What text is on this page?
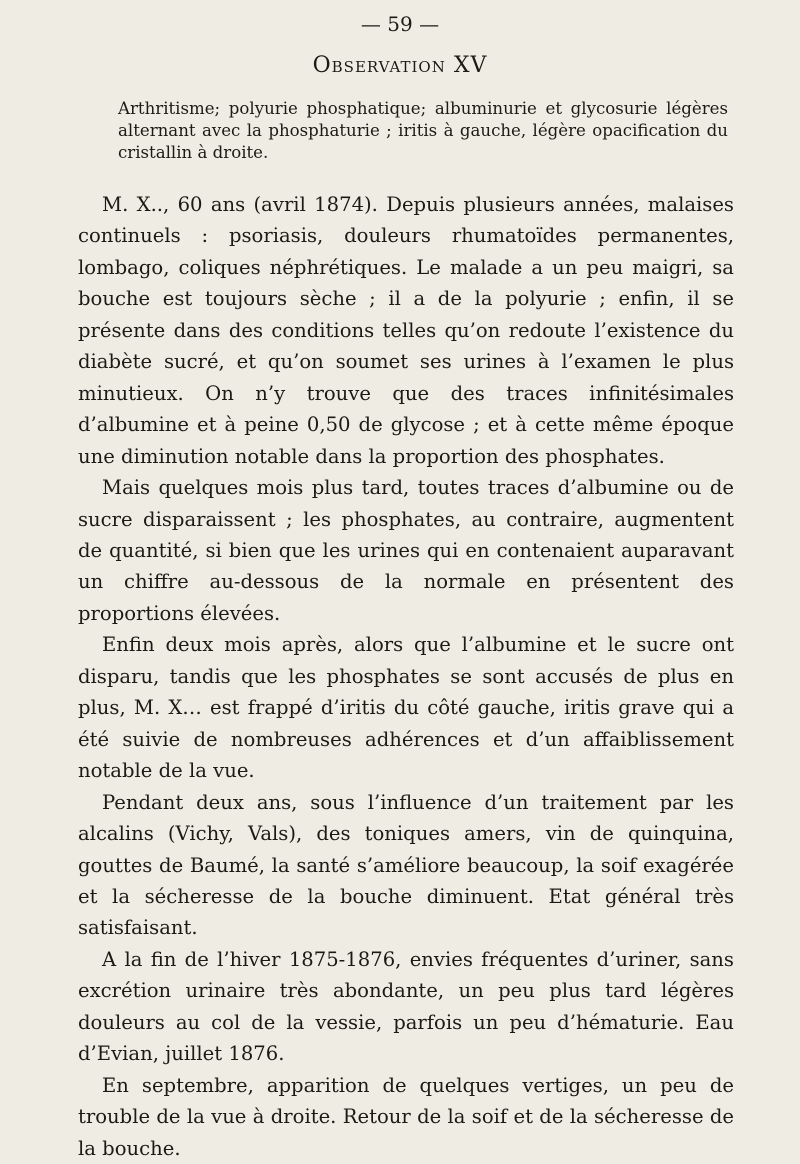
— 59 —
Observation XV
Arthritisme; polyurie phosphatique; albuminurie et glycosurie légères alternant avec la phosphaturie ; iritis à gauche, légère opacification du cristallin à droite.

M. X.., 60 ans (avril 1874). Depuis plusieurs années, malaises continuels : psoriasis, douleurs rhumatoïdes permanentes, lombago, coliques néphrétiques. Le malade a un peu maigri, sa bouche est toujours sèche ; il a de la polyurie ; enfin, il se présente dans des conditions telles qu’on redoute l’existence du diabète sucré, et qu’on soumet ses urines à l’examen le plus minutieux. On n’y trouve que des traces infinitésimales d’albumine et à peine 0,50 de glycose ; et à cette même époque une diminution notable dans la proportion des phosphates.

Mais quelques mois plus tard, toutes traces d’albumine ou de sucre disparaissent ; les phosphates, au contraire, augmentent de quantité, si bien que les urines qui en contenaient auparavant un chiffre au-dessous de la normale en présentent des proportions élevées.

Enfin deux mois après, alors que l’albumine et le sucre ont disparu, tandis que les phosphates se sont accusés de plus en plus, M. X… est frappé d’iritis du côté gauche, iritis grave qui a été suivie de nombreuses adhérences et d’un affaiblissement notable de la vue.

Pendant deux ans, sous l’influence d’un traitement par les alcalins (Vichy, Vals), des toniques amers, vin de quinquina, gouttes de Baumé, la santé s’améliore beaucoup, la soif exagérée et la sécheresse de la bouche diminuent. Etat général très satisfaisant.

A la fin de l’hiver 1875-1876, envies fréquentes d’uriner, sans excrétion urinaire très abondante, un peu plus tard légères douleurs au col de la vessie, parfois un peu d’hématurie. Eau d’Evian, juillet 1876.

En septembre, apparition de quelques vertiges, un peu de trouble de la vue à droite. Retour de la soif et de la sécheresse de la bouche.
